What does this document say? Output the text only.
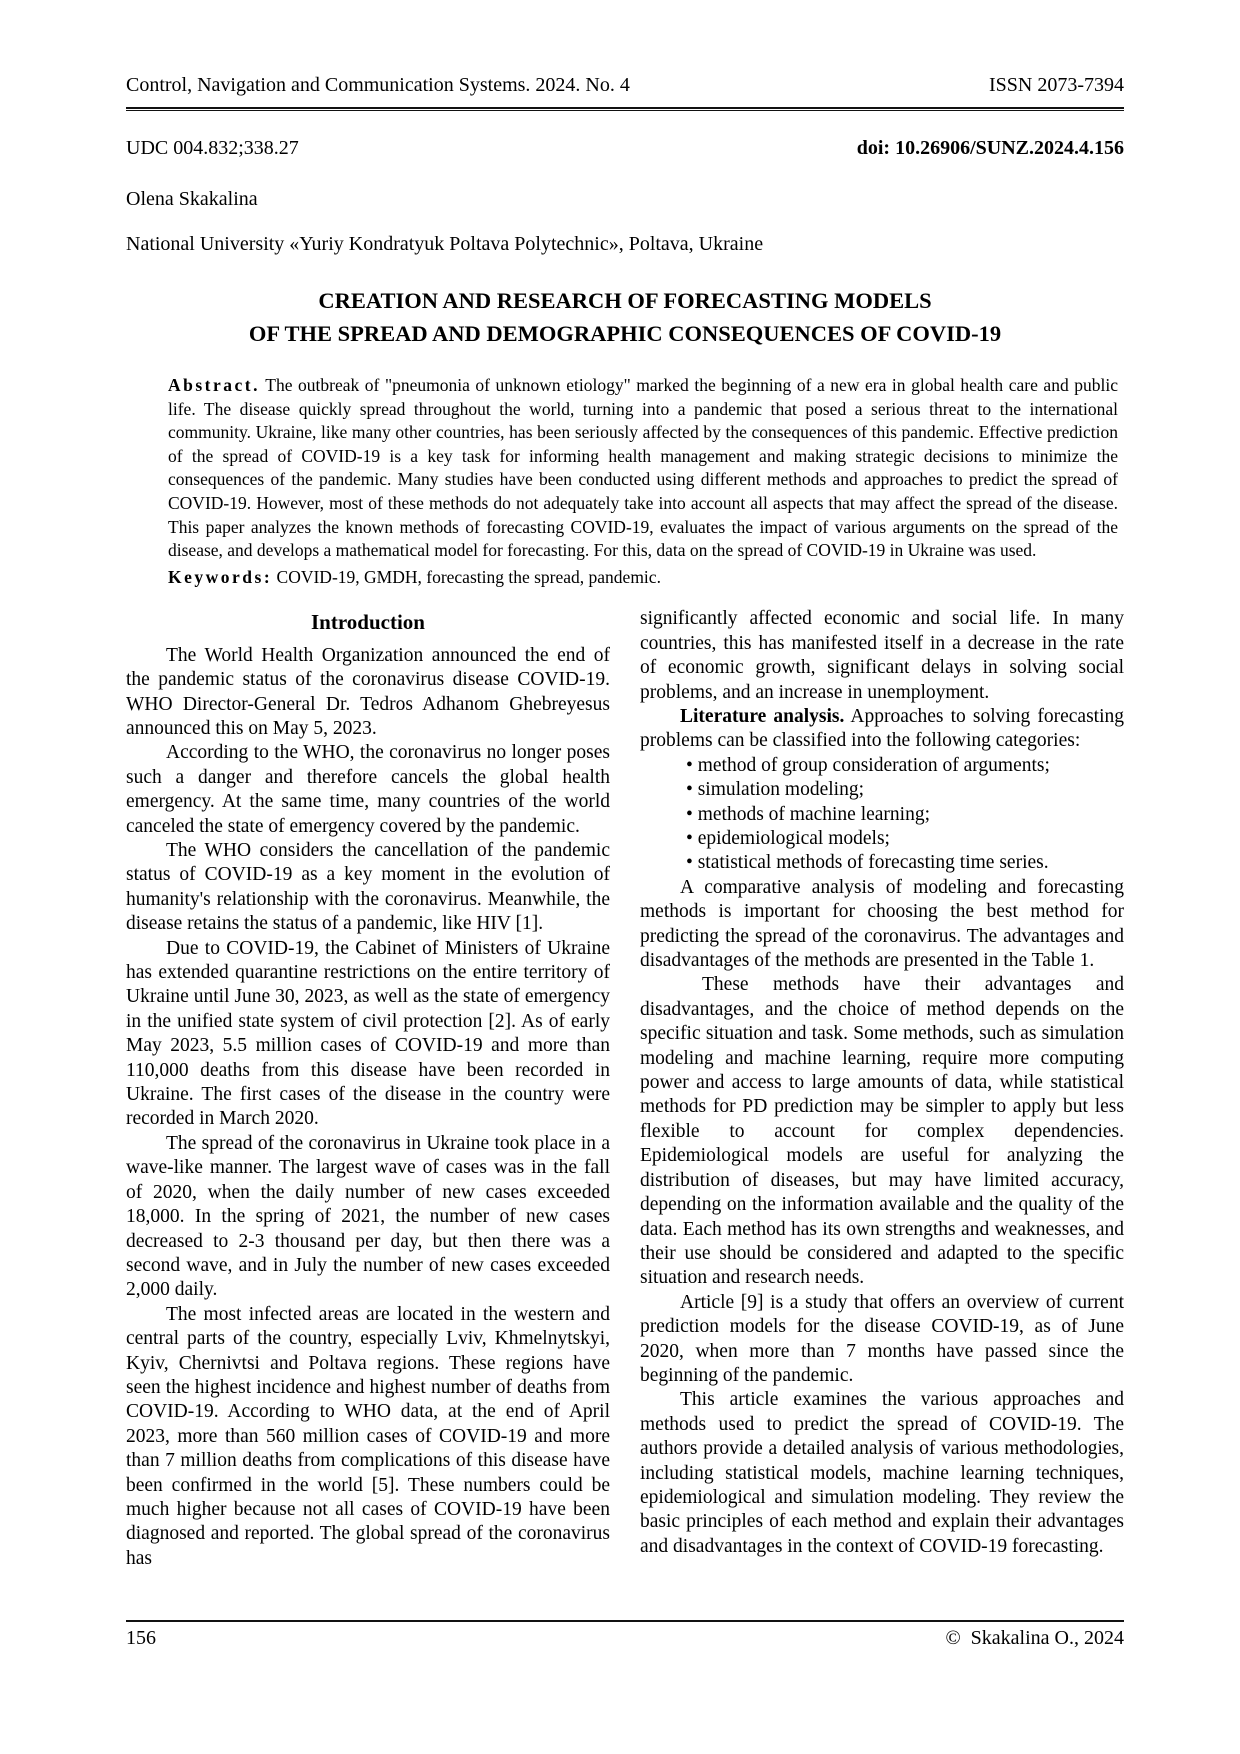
Control, Navigation and Communication Systems. 2024. No. 4	ISSN 2073-7394
UDC 004.832;338.27	doi: 10.26906/SUNZ.2024.4.156
Olena Skakalina
National University «Yuriy Kondratyuk Poltava Polytechnic», Poltava, Ukraine
CREATION AND RESEARCH OF FORECASTING MODELS
OF THE SPREAD AND DEMOGRAPHIC CONSEQUENCES OF COVID-19

Abstract. The outbreak of "pneumonia of unknown etiology" marked the beginning of a new era in global health care and public life. The disease quickly spread throughout the world, turning into a pandemic that posed a serious threat to the international community. Ukraine, like many other countries, has been seriously affected by the consequences of this pandemic. Effective prediction of the spread of COVID-19 is a key task for informing health management and making strategic decisions to minimize the consequences of the pandemic. Many studies have been conducted using different methods and approaches to predict the spread of COVID-19. However, most of these methods do not adequately take into account all aspects that may affect the spread of the disease. This paper analyzes the known methods of forecasting COVID-19, evaluates the impact of various arguments on the spread of the disease, and develops a mathematical model for forecasting. For this, data on the spread of COVID-19 in Ukraine was used.

Keywords: COVID-19, GMDH, forecasting the spread, pandemic.

Introduction

The World Health Organization announced the end of the pandemic status of the coronavirus disease COVID-19. WHO Director-General Dr. Tedros Adhanom Ghebreyesus announced this on May 5, 2023.

According to the WHO, the coronavirus no longer poses such a danger and therefore cancels the global health emergency. At the same time, many countries of the world canceled the state of emergency covered by the pandemic.

The WHO considers the cancellation of the pandemic status of COVID-19 as a key moment in the evolution of humanity's relationship with the coronavirus. Meanwhile, the disease retains the status of a pandemic, like HIV [1].

Due to COVID-19, the Cabinet of Ministers of Ukraine has extended quarantine restrictions on the entire territory of Ukraine until June 30, 2023, as well as the state of emergency in the unified state system of civil protection [2]. As of early May 2023, 5.5 million cases of COVID-19 and more than 110,000 deaths from this disease have been recorded in Ukraine. The first cases of the disease in the country were recorded in March 2020.

The spread of the coronavirus in Ukraine took place in a wave-like manner. The largest wave of cases was in the fall of 2020, when the daily number of new cases exceeded 18,000. In the spring of 2021, the number of new cases decreased to 2-3 thousand per day, but then there was a second wave, and in July the number of new cases exceeded 2,000 daily.

The most infected areas are located in the western and central parts of the country, especially Lviv, Khmelnytskyi, Kyiv, Chernivtsi and Poltava regions. These regions have seen the highest incidence and highest number of deaths from COVID-19. According to WHO data, at the end of April 2023, more than 560 million cases of COVID-19 and more than 7 million deaths from complications of this disease have been confirmed in the world [5]. These numbers could be much higher because not all cases of COVID-19 have been diagnosed and reported. The global spread of the coronavirus has

significantly affected economic and social life. In many countries, this has manifested itself in a decrease in the rate of economic growth, significant delays in solving social problems, and an increase in unemployment.

Literature analysis. Approaches to solving forecasting problems can be classified into the following categories:

• method of group consideration of arguments;

• simulation modeling;

• methods of machine learning;

• epidemiological models;

• statistical methods of forecasting time series.

A comparative analysis of modeling and forecasting methods is important for choosing the best method for predicting the spread of the coronavirus. The advantages and disadvantages of the methods are presented in the Table 1.

These methods have their advantages and disadvantages, and the choice of method depends on the specific situation and task. Some methods, such as simulation modeling and machine learning, require more computing power and access to large amounts of data, while statistical methods for PD prediction may be simpler to apply but less flexible to account for complex dependencies. Epidemiological models are useful for analyzing the distribution of diseases, but may have limited accuracy, depending on the information available and the quality of the data. Each method has its own strengths and weaknesses, and their use should be considered and adapted to the specific situation and research needs.

Article [9] is a study that offers an overview of current prediction models for the disease COVID-19, as of June 2020, when more than 7 months have passed since the beginning of the pandemic.

This article examines the various approaches and methods used to predict the spread of COVID-19. The authors provide a detailed analysis of various methodologies, including statistical models, machine learning techniques, epidemiological and simulation modeling. They review the basic principles of each method and explain their advantages and disadvantages in the context of COVID-19 forecasting.

156	©  Skakalina O., 2024
